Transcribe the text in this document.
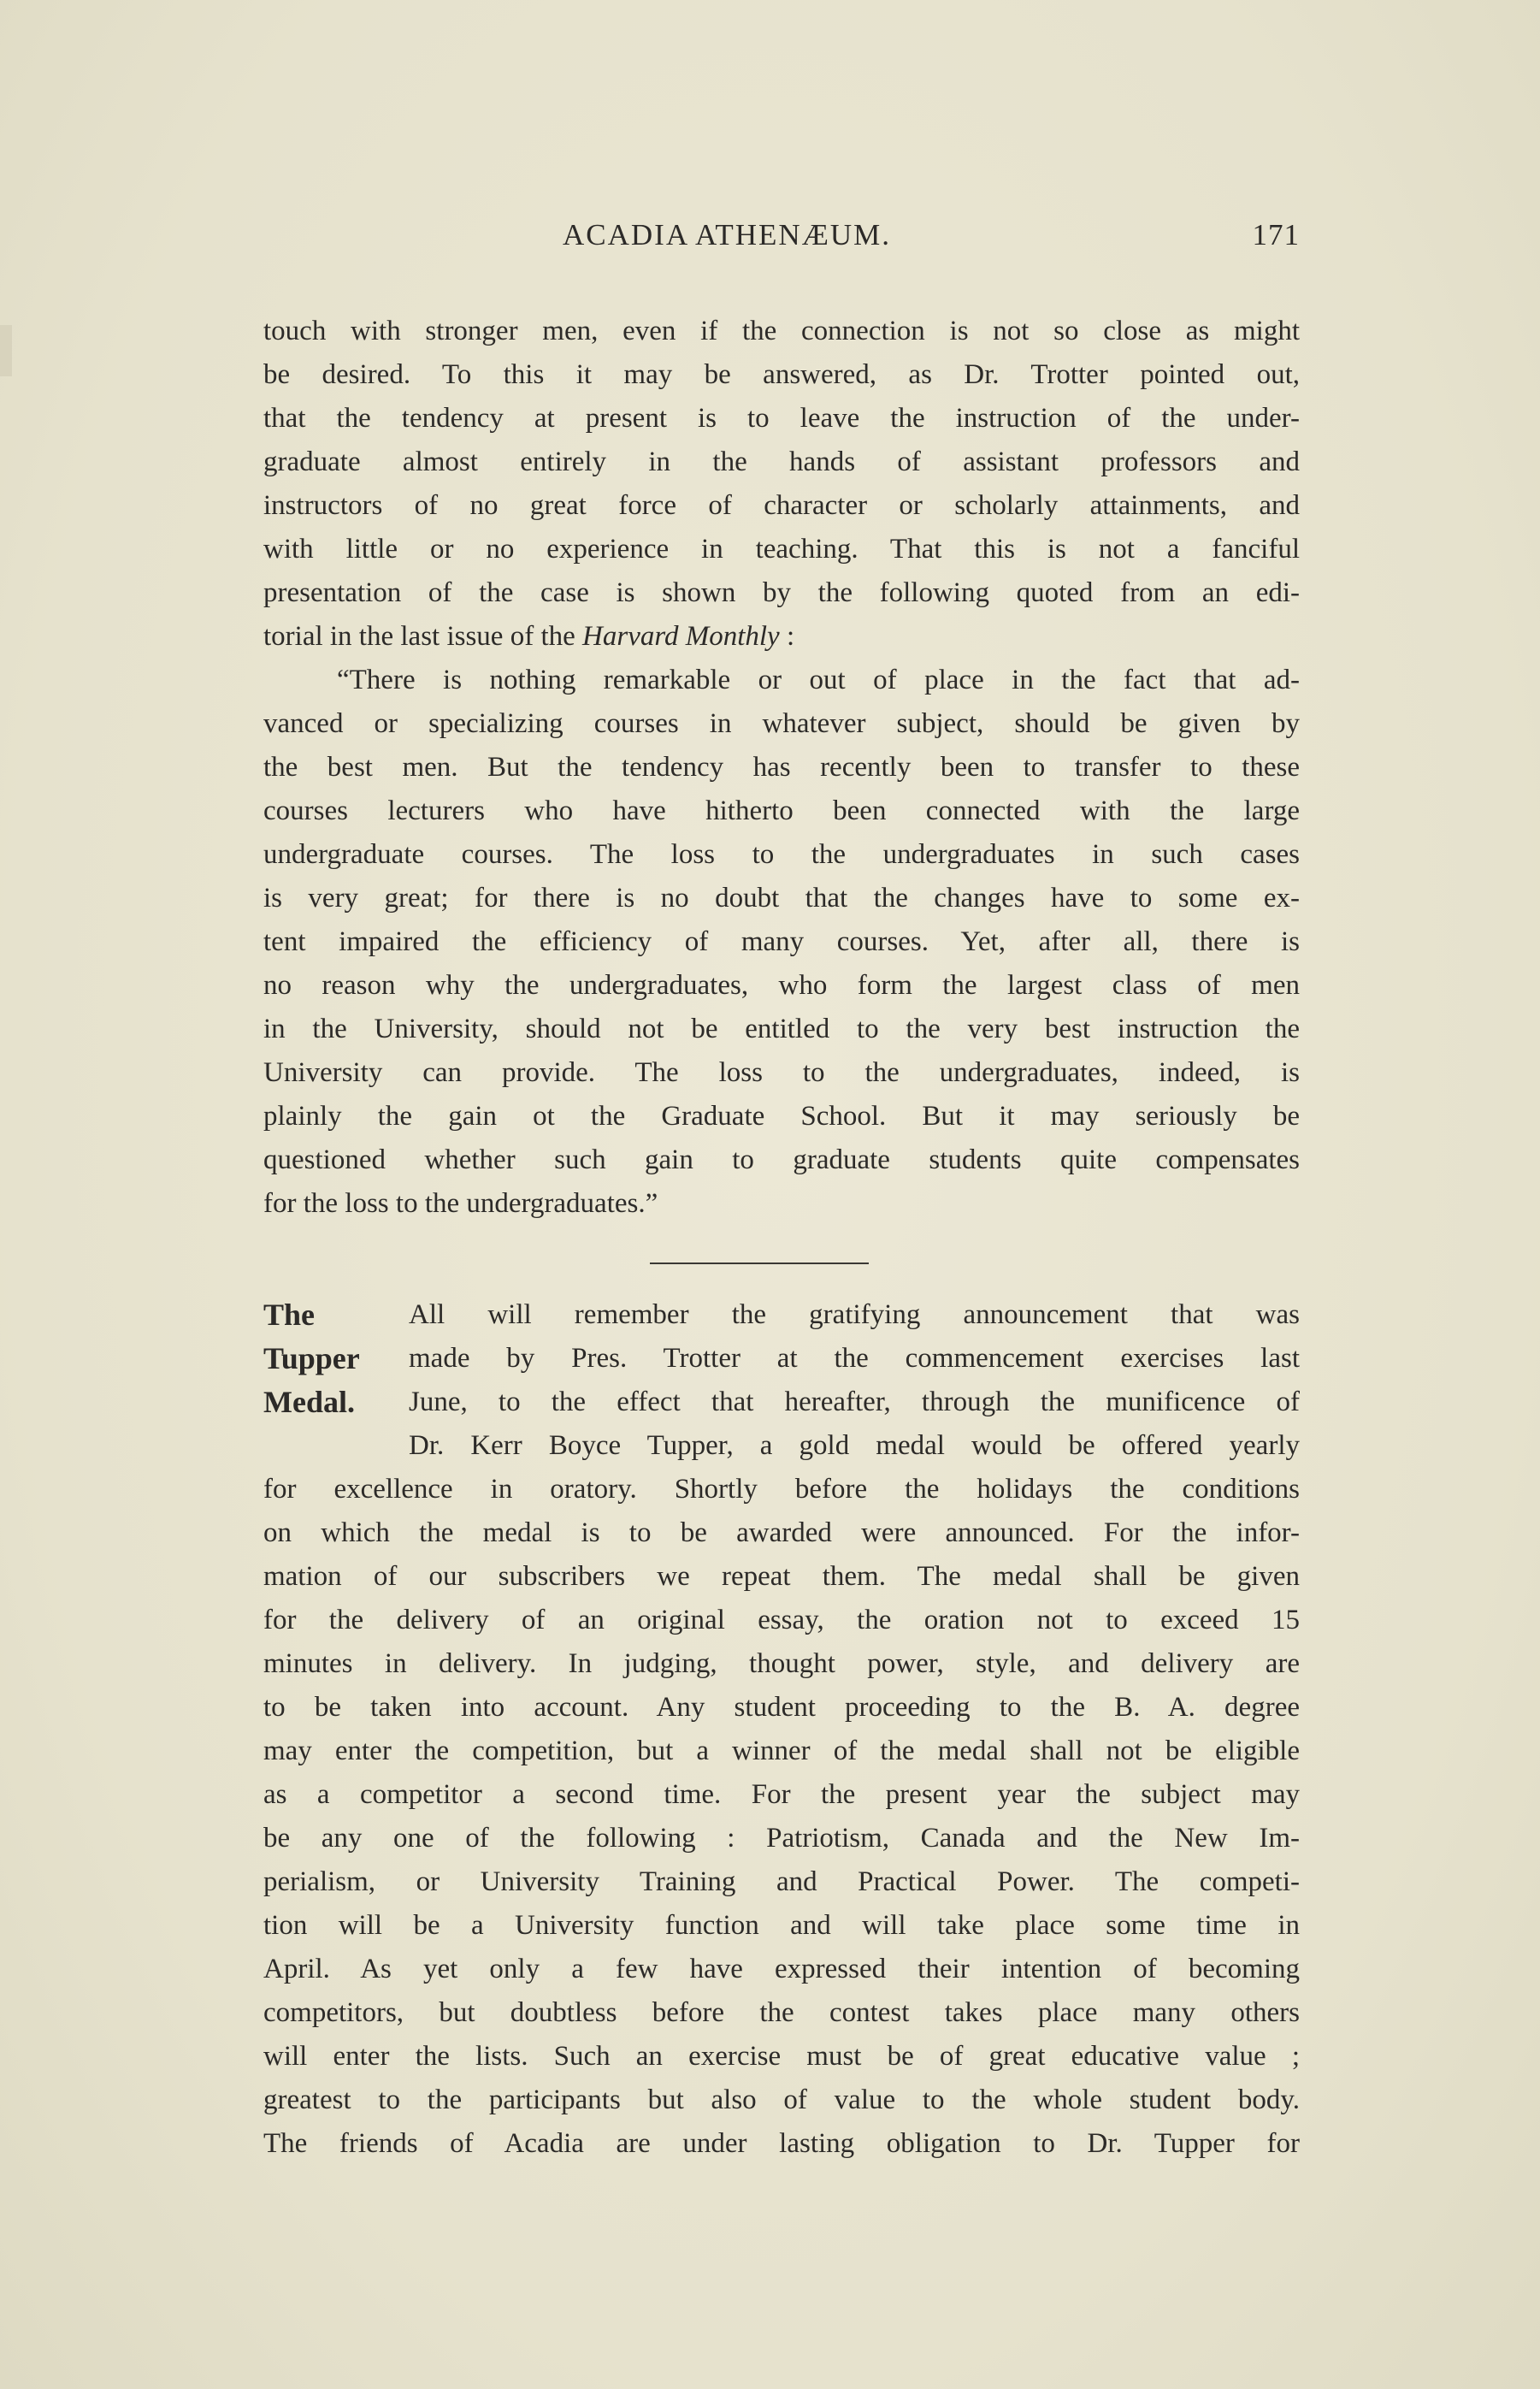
ACADIA ATHENÆUM.	171
touch with stronger men, even if the connection is not so close as might
be desired. To this it may be answered, as Dr. Trotter pointed out,
that the tendency at present is to leave the instruction of the under-
graduate almost entirely in the hands of assistant professors and
instructors of no great force of character or scholarly attainments, and
with little or no experience in teaching. That this is not a fanciful
presentation of the case is shown by the following quoted from an edi-
torial in the last issue of the Harvard Monthly :
“There is nothing remarkable or out of place in the fact that ad-
vanced or specializing courses in whatever subject, should be given by
the best men. But the tendency has recently been to transfer to these
courses lecturers who have hitherto been connected with the large
undergraduate courses. The loss to the undergraduates in such cases
is very great; for there is no doubt that the changes have to some ex-
tent impaired the efficiency of many courses. Yet, after all, there is
no reason why the undergraduates, who form the largest class of men
in the University, should not be entitled to the very best instruction the
University can provide. The loss to the undergraduates, indeed, is
plainly the gain ot the Graduate School. But it may seriously be
questioned whether such gain to graduate students quite compensates
for the loss to the undergraduates.”
The
Tupper
Medal.
All will remember the gratifying announcement that was
made by Pres. Trotter at the commencement exercises last
June, to the effect that hereafter, through the munificence of
Dr. Kerr Boyce Tupper, a gold medal would be offered yearly
for excellence in oratory. Shortly before the holidays the conditions
on which the medal is to be awarded were announced. For the infor-
mation of our subscribers we repeat them. The medal shall be given
for the delivery of an original essay, the oration not to exceed 15
minutes in delivery. In judging, thought power, style, and delivery are
to be taken into account. Any student proceeding to the B. A. degree
may enter the competition, but a winner of the medal shall not be eligible
as a competitor a second time. For the present year the subject may
be any one of the following : Patriotism, Canada and the New Im-
perialism, or University Training and Practical Power. The competi-
tion will be a University function and will take place some time in
April. As yet only a few have expressed their intention of becoming
competitors, but doubtless before the contest takes place many others
will enter the lists. Such an exercise must be of great educative value ;
greatest to the participants but also of value to the whole student body.
The friends of Acadia are under lasting obligation to Dr. Tupper for
